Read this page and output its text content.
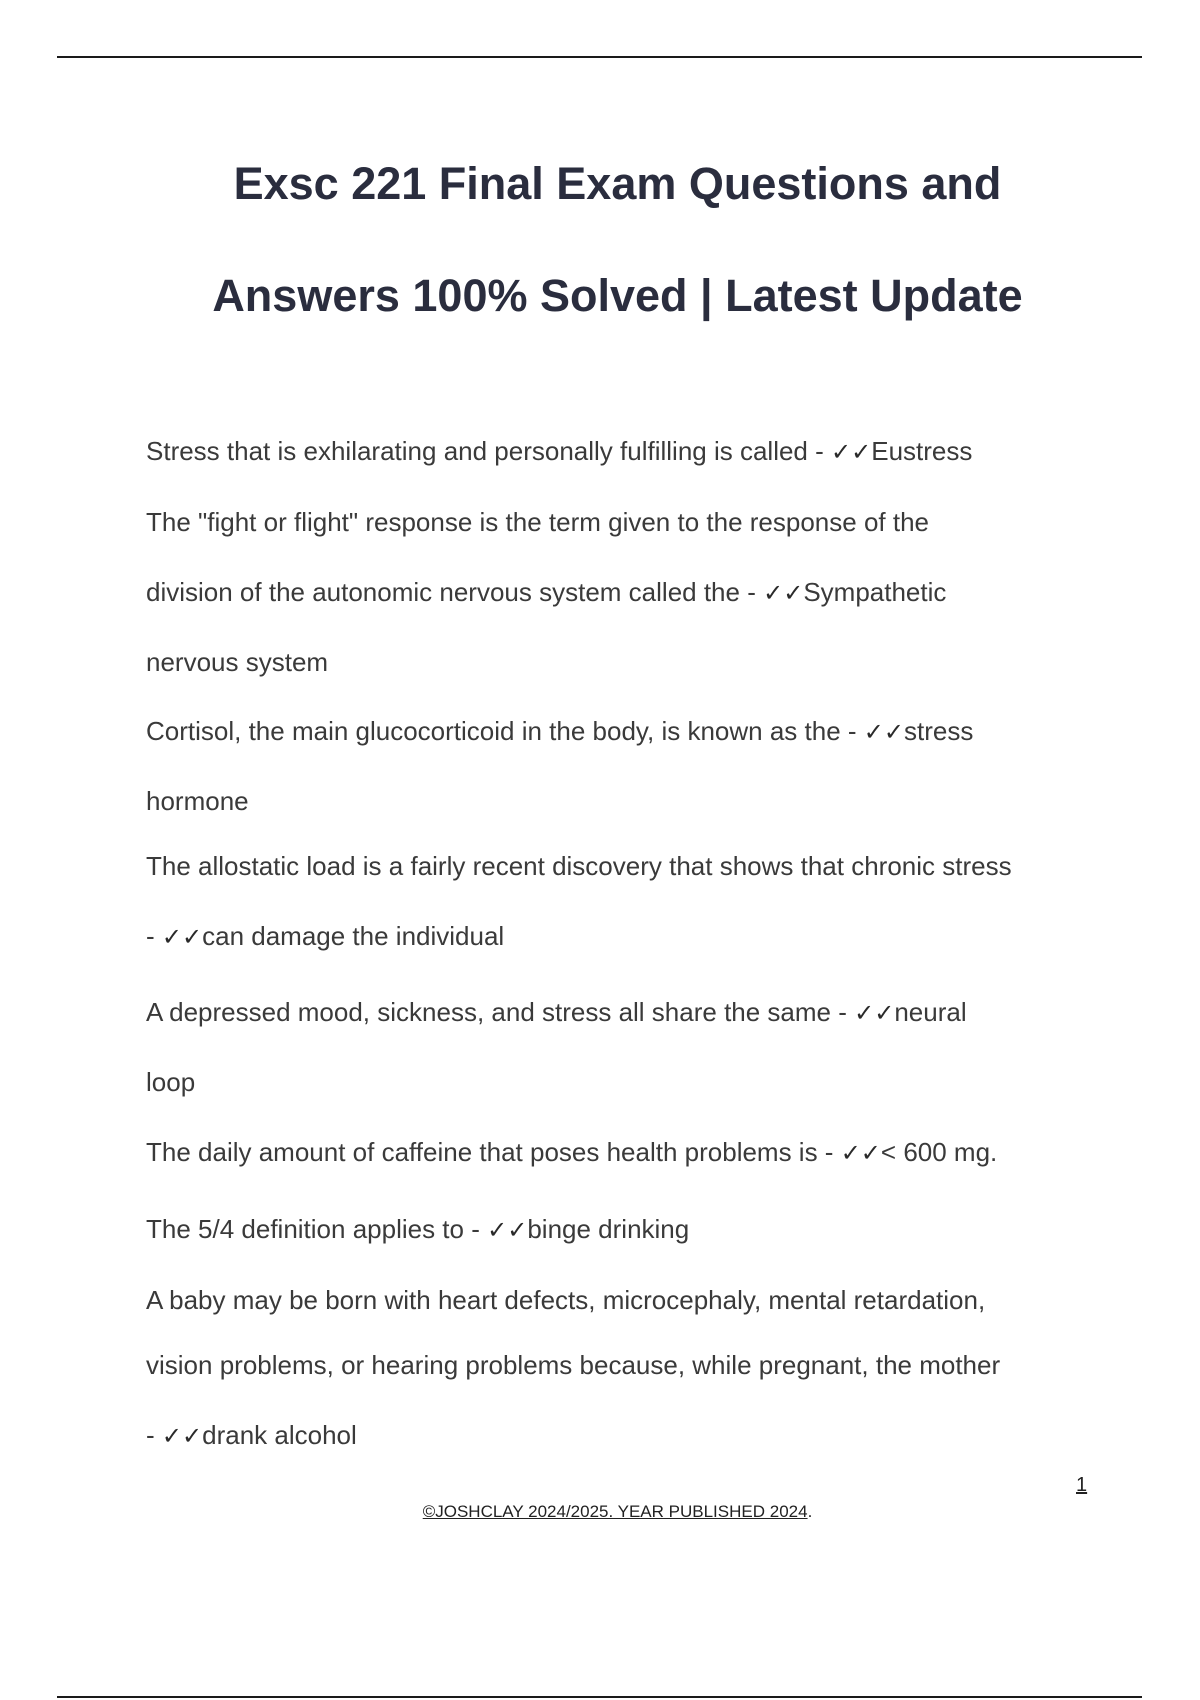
Exsc 221 Final Exam Questions and
Answers 100% Solved | Latest Update
Stress that is exhilarating and personally fulfilling is called - ✓✓Eustress
The "fight or flight" response is the term given to the response of the
division of the autonomic nervous system called the - ✓✓Sympathetic
nervous system
Cortisol, the main glucocorticoid in the body, is known as the - ✓✓stress
hormone
The allostatic load is a fairly recent discovery that shows that chronic stress
- ✓✓can damage the individual
A depressed mood, sickness, and stress all share the same - ✓✓neural
loop
The daily amount of caffeine that poses health problems is - ✓✓< 600 mg.
The 5/4 definition applies to - ✓✓binge drinking
A baby may be born with heart defects, microcephaly, mental retardation,
vision problems, or hearing problems because, while pregnant, the mother
- ✓✓drank alcohol
1
©JOSHCLAY 2024/2025. YEAR PUBLISHED 2024.
